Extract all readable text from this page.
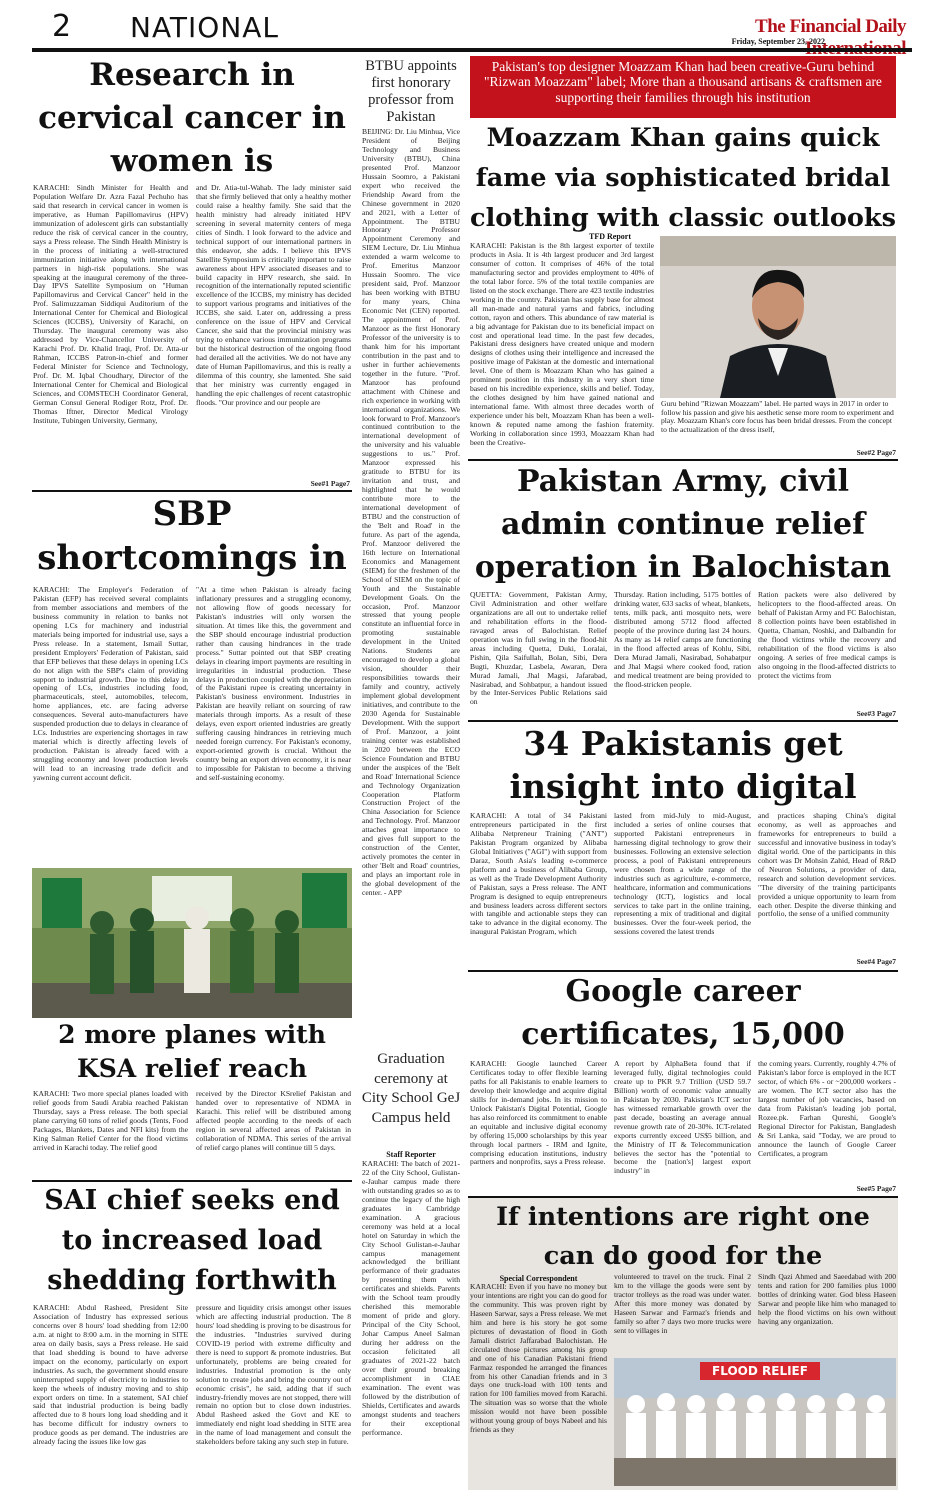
2 NATIONAL	The Financial Daily
Friday, September 23, 2022
Research in cervical cancer in women is
KARACHI: Sindh Minister for Health and Population Welfare Dr. Azra Fazal Pechuho has said that research in cervical cancer in women is imperative, as Human Papillomavirus (HPV) immunization of adolescent girls can substantially reduce the risk of cervical cancer in the country, says a Press release. The Sindh Health Ministry is in the process of initiating a well-structured immunization initiative along with international partners in high-risk populations. She was speaking at the inaugural ceremony of the three-Day IPVS Satellite Symposium on "Human Papillomavirus and Cervical Cancer" held in the Prof. Salimuzzaman Siddiqui Auditorium of the International Center for Chemical and Biological Sciences (ICCBS), University of Karachi, on Thursday. The inaugural ceremony was also addressed by Vice-Chancellor University of Karachi Prof. Dr. Khalid Iraqi, Prof. Dr. Atta-ur Rahman, ICCBS Patron-in-chief and former Federal Minister for Science and Technology, Prof. Dr. M. Iqbal Choudhary, Director of the International Center for Chemical and Biological Sciences, and COMSTECH Coordinator General, German Consul General Rodiger Rotz, Prof. Dr. Thomas Iftner, Director Medical Virology Institute, Tubingen University, Germany,
and Dr. Atia-tul-Wahab. The lady minister said that she firmly believed that only a healthy mother could raise a healthy family. She said that the health ministry had already initiated HPV screening in several maternity centers of mega cities of Sindh. I look forward to the advice and technical support of our international partners in this endeavor, she adds. I believe this IPVS Satellite Symposium is critically important to raise awareness about HPV associated diseases and to build capacity in HPV research, she said. In recognition of the internationally reputed scientific excellence of the ICCBS, my ministry has decided to support various programs and initiatives of the ICCBS, she said. Later on, addressing a press conference on the issue of HPV and Cervical Cancer, she said that the provincial ministry was trying to enhance various immunization programs but the historical destruction of the ongoing flood had derailed all the activities. We do not have any date of Human Papillomavirus, and this is really a dilemma of this country, she lamented. She said that her ministry was currently engaged in handling the epic challenges of recent catastrophic floods. "Our province and our people are
See#1 Page7
SBP shortcomings in
KARACHI: The Employer's Federation of Pakistan (EFP) has received several complaints from member associations and members of the business community in relation to banks not opening LCs for machinery and industrial materials being imported for industrial use, says a Press release. In a statement, Ismail Suttar, president Employers' Federation of Pakistan, said that EFP believes that these delays in opening LCs do not align with the SBP's claim of providing support to industrial growth. Due to this delay in opening of LCs, industries including food, pharmaceuticals, steel, automobiles, telecom, home appliances, etc. are facing adverse consequences. Several auto-manufacturers have suspended production due to delays in clearance of LCs. Industries are experiencing shortages in raw material which is directly affecting levels of production. Pakistan is already faced with a struggling economy and lower production levels will lead to an increasing trade deficit and yawning current account deficit.
"At a time when Pakistan is already facing inflationary pressures and a struggling economy, not allowing flow of goods necessary for Pakistan's industries will only worsen the situation. At times like this, the government and the SBP should encourage industrial production rather than causing hindrances in the trade process." Suttar pointed out that SBP creating delays in clearing import payments are resulting in irregularities in industrial production. These delays in production coupled with the depreciation of the Pakistani rupee is creating uncertainty in Pakistan's business environment. Industries in Pakistan are heavily reliant on sourcing of raw materials through imports. As a result of these delays, even export oriented industries are greatly suffering causing hindrances in retrieving much needed foreign currency. For Pakistan's economy, export-oriented growth is crucial. Without the country being an export driven economy, it is near to impossible for Pakistan to become a thriving and self-sustaining economy.
2 more planes with KSA relief reach
KARACHI: Two more special planes loaded with relief goods from Saudi Arabia reached Pakistan Thursday, says a Press release. The both special plane carrying 60 tons of relief goods (Tents, Food Packages, Blankets, Dates and NFI kits) from the King Salman Relief Center for the flood victims arrived in Karachi today. The relief good
received by the Director KSrelief Pakistan and handed over to representative of NDMA in Karachi. This relief will be distributed among affected people according to the needs of each region in several affected areas of Pakistan in collaboration of NDMA. This series of the arrival of relief cargo planes will continue till 5 days.
SAI chief seeks end to increased load shedding forthwith
KARACHI: Abdul Rasheed, President Site Association of Industry has expressed serious concerns over 8 hours' load shedding from 12:00 a.m. at night to 8:00 a.m. in the morning in SITE area on daily basis, says a Press release. He said that load shedding is bound to have adverse impact on the economy, particularly on export industries. As such, the government should ensure uninterrupted supply of electricity to industries to keep the wheels of industry moving and to ship export orders on time. In a statement, SAI chief said that industrial production is being badly affected due to 8 hours long load shedding and it has become difficult for industry owners to produce goods as per demand. The industries are already facing the issues like low gas
pressure and liquidity crisis amongst other issues which are affecting industrial production. The 8 hours' load shedding is proving to be disastrous for the industries. "Industries survived during COVID-19 period with extreme difficulty and there is need to support & promote industries. But unfortunately, problems are being created for industries. Industrial promotion is the only solution to create jobs and bring the country out of economic crisis", he said, adding that if such industry-friendly moves are not stopped, there will remain no option but to close down industries. Abdul Rasheed asked the Govt and KE to immediately end night load shedding in SITE area in the name of load management and consult the stakeholders before taking any such step in future.
BTBU appoints first honorary professor from Pakistan
BEIJING: Dr. Liu Minhua, Vice President of Beijing Technology and Business University (BTBU), China presented Prof. Manzoor Hussain Soomro, a Pakistani expert who received the Friendship Award from the Chinese government in 2020 and 2021, with a Letter of Appointment. The BTBU Honorary Professor Appointment Ceremony and SIEM Lecture, Dr. Liu Minhua extended a warm welcome to Prof. Emeritus Manzoor Hussain Soomro. The vice president said, Prof. Manzoor has been working with BTBU for many years, China Economic Net (CEN) reported. The appointment of Prof. Manzoor as the first Honorary Professor of the university is to thank him for his important contribution in the past and to usher in further achievements together in the future. "Prof. Manzoor has profound attachment with Chinese and rich experience in working with international organizations. We look forward to Prof. Manzoor's continued contribution to the international development of the university and his valuable suggestions to us." Prof. Manzoor expressed his gratitude to BTBU for its invitation and trust, and highlighted that he would contribute more to the international development of BTBU and the construction of the 'Belt and Road' in the future. As part of the agenda, Prof. Manzoor delivered the 16th lecture on International Economics and Management (SIEM) for the freshmen of the School of SIEM on the topic of Youth and the Sustainable Development Goals. On the occasion, Prof. Manzoor stressed that young people constitute an influential force in promoting sustainable development in the United Nations. Students are encouraged to develop a global vision, shoulder their responsibilities towards their family and country, actively implement global development initiatives, and contribute to the 2030 Agenda for Sustainable Development. With the support of Prof. Manzoor, a joint training center was established in 2020 between the ECO Science Foundation and BTBU under the auspices of the 'Belt and Road' International Science and Technology Organization Cooperation Platform Construction Project of the China Association for Science and Technology. Prof. Manzoor attaches great importance to and gives full support to the construction of the Center, actively promotes the center in other 'Belt and Road' countries, and plays an important role in the global development of the center. - APP
Graduation ceremony at City School GeJ Campus held
Staff Reporter
KARACHI: The batch of 2021-22 of the City School, Gulistan-e-Jauhar campus made there with outstanding grades so as to continue the legacy of the high graduates in Cambridge examination. A gracious ceremony was held at a local hotel on Saturday in which the City School Gulistan-e-Jauhar campus management acknowledged the brilliant performance of their graduates by presenting them with certificates and shields. Parents with the School team proudly cherished this memorable moment of pride and glory. Principal of the City School, Johar Campus Aneel Salman during her address on the occasion felicitated all graduates of 2021-22 batch over their ground breaking accomplishment in CIAE examination. The event was followed by the distribution of Shields, Certificates and awards amongst students and teachers for their exceptional performance.
Pakistan's top designer Moazzam Khan had been creative-Guru behind "Rizwan Moazzam" label; More than a thousand artisans & craftsmen are supporting their families through his institution
Moazzam Khan gains quick fame via sophisticated bridal clothing with classic outlooks
TFD Report
KARACHI: Pakistan is the 8th largest exporter of textile products in Asia. It is 4th largest producer and 3rd largest consumer of cotton. It comprises of 46% of the total manufacturing sector and provides employment to 40% of the total labor force. 5% of the total textile companies are listed on the stock exchange. There are 423 textile industries working in the country. Pakistan has supply base for almost all man-made and natural yarns and fabrics, including cotton, rayon and others. This abundance of raw material is a big advantage for Pakistan due to its beneficial impact on cost and operational lead time. In the past few decades, Pakistani dress designers have created unique and modern designs of clothes using their intelligence and increased the positive image of Pakistan at the domestic and international level. One of them is Moazzam Khan who has gained a prominent position in this industry in a very short time based on his incredible experience, skills and belief. Today, the clothes designed by him have gained national and international fame. With almost three decades worth of experience under his belt, Moazzam Khan has been a well-known & reputed name among the fashion fraternity. Working in collaboration since 1993, Moazzam Khan had been the Creative-
Guru behind "Rizwan Moazzam" label. He parted ways in 2017 in order to follow his passion and give his aesthetic sense more room to experiment and play. Moazzam Khan's core focus has been bridal dresses. From the concept to the actualization of the dress itself,
See#2 Page7
Pakistan Army, civil admin continue relief operation in Balochistan
QUETTA: Government, Pakistan Army, Civil Administration and other welfare organizations are all out to undertake relief and rehabilitation efforts in the flood-ravaged areas of Balochistan. Relief operation was in full swing in the flood-hit areas including Quetta, Duki, Loralai, Pishin, Qila Saifullah, Bolan, Sibi, Dera Bugti, Khuzdar, Lasbela, Awaran, Dera Murad Jamali, Jhal Magsi, Jafarabad, Nasirabad, and Sohbatpur, a handout issued by the Inter-Services Public Relations said on
Thursday. Ration including, 5175 bottles of drinking water, 633 sacks of wheat, blankets, tents, milk pack, anti mosquito nets, were distributed among 5712 flood affected people of the province during last 24 hours. As many as 14 relief camps are functioning in the flood affected areas of Kohlu, Sibi, Dera Murad Jamali, Nasirabad, Sohabatpur and Jhal Magsi where cooked food, ration and medical treatment are being provided to the flood-stricken people.
Ration packets were also delivered by helicopters to the flood-affected areas. On behalf of Pakistan Army and FC Balochistan, 8 collection points have been established in Quetta, Chaman, Noshki, and Dalbandin for the flood victims while the recovery and rehabilitation of the flood victims is also ongoing. A series of free medical camps is also ongoing in the flood-affected districts to protect the victims from
See#3 Page7
34 Pakistanis get insight into digital
KARACHI: A total of 34 Pakistani entrepreneurs participated in the first Alibaba Netpreneur Training ("ANT") Pakistan Program organized by Alibaba Global Initiatives ("AGI") with support from Daraz, South Asia's leading e-commerce platform and a business of Alibaba Group, as well as the Trade Development Authority of Pakistan, says a Press release. The ANT Program is designed to equip entrepreneurs and business leaders across different sectors with tangible and actionable steps they can take to advance in the digital economy. The inaugural Pakistan Program, which
lasted from mid-July to mid-August, included a series of online courses that supported Pakistani entrepreneurs in harnessing digital technology to grow their businesses. Following an extensive selection process, a pool of Pakistani entrepreneurs were chosen from a wide range of the industries such as agriculture, e-commerce, healthcare, information and communications technology (ICT), logistics and local services to take part in the online training, representing a mix of traditional and digital businesses. Over the four-week period, the sessions covered the latest trends
and practices shaping China's digital economy, as well as approaches and frameworks for entrepreneurs to build a successful and innovative business in today's digital world. One of the participants in this cohort was Dr Mohsin Zahid, Head of R&D of Neuron Solutions, a provider of data, research and solution development services. "The diversity of the training participants provided a unique opportunity to learn from each other. Despite the diverse thinking and portfolio, the sense of a unified community
See#4 Page7
Google career certificates, 15,000
KARACHI: Google launched Career Certificates today to offer flexible learning paths for all Pakistanis to enable learners to develop their knowledge and acquire digital skills for in-demand jobs. In its mission to Unlock Pakistan's Digital Potential, Google has also reinforced its commitment to enable an equitable and inclusive digital economy by offering 15,000 scholarships by this year through local partners - IRM and Ignite, comprising education institutions, industry partners and nonprofits, says a Press release.
A report by AlphaBeta found that if leveraged fully, digital technologies could create up to PKR 9.7 Trillion (USD 59.7 Billion) worth of economic value annually in Pakistan by 2030. Pakistan's ICT sector has witnessed remarkable growth over the past decade, boasting an average annual revenue growth rate of 20-30%. ICT-related exports currently exceed US$5 billion, and the Ministry of IT & Telecommunication believes the sector has the "potential to become the [nation's] largest export industry" in
the coming years. Currently, roughly 4.7% of Pakistan's labor force is employed in the ICT sector, of which 6% - or ~200,000 workers - are women. The ICT sector also has the largest number of job vacancies, based on data from Pakistan's leading job portal, Rozee.pk. Farhan Qureshi, Google's Regional Director for Pakistan, Bangladesh & Sri Lanka, said "Today, we are proud to announce the launch of Google Career Certificates, a program
See#5 Page7
If intentions are right one can do good for the
Special Correspondent
KARACHI: Even if you have no money but your intentions are right you can do good for the community. This was proven right by Haseen Sarwar, says a Press release. We met him and here is his story he got some pictures of devastation of flood in Goth Jamali district Jaffarabad Balochistan. He circulated those pictures among his group and one of his Canadian Pakistani friend Farmaz responded he arranged the finances from his other Canadian friends and in 3 days one truck-load with 100 tents and ration for 100 families moved from Karachi. The situation was so worse that the whole mission would not have been possible without young group of boys Nabeel and his friends as they
volunteered to travel on the truck. Final 2 km to the village the goods were sent by tractor trolleys as the road was under water. After this more money was donated by Haseen Sarwar and Farmaz's friends and family so after 7 days two more trucks were sent to villages in
Sindh Qazi Ahmed and Saeedabad with 200 tents and ration for 200 families plus 1000 bottles of drinking water. God bless Haseen Sarwar and people like him who managed to help the flood victims on his own without having any organization.
FLOOD RELIEF
